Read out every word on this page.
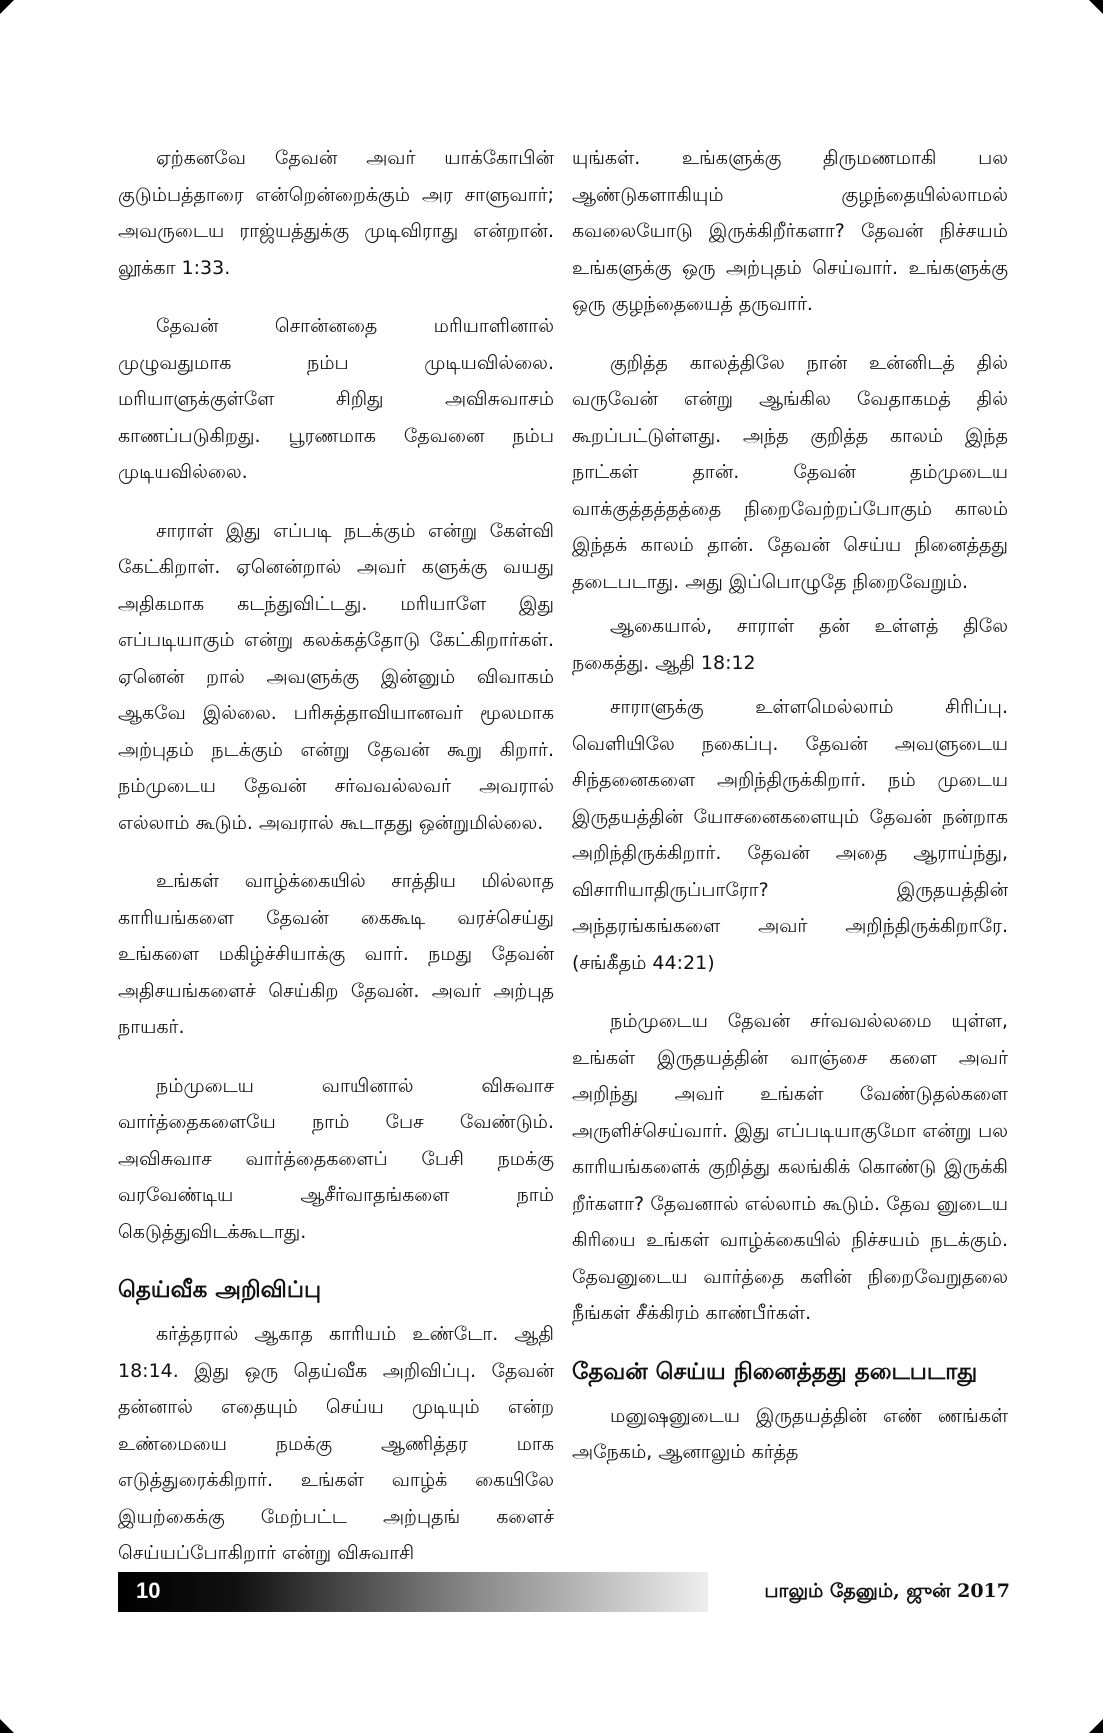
ஏற்கனவே தேவன் அவர் யாக்கோபின் குடும்பத்தாரை என்றென்றைக்கும் அர சாளுவார்; அவருடைய ராஜ்யத்துக்கு முடிவிராது என்றான். லூக்கா 1:33.

தேவன் சொன்னதை மரியாளினால் முழுவதுமாக நம்ப முடியவில்லை. மரியாளுக்குள்ளே சிறிது அவிசுவாசம் காணப்படுகிறது. பூரணமாக தேவனை நம்ப முடியவில்லை.

சாராள் இது எப்படி நடக்கும் என்று கேள்வி கேட்கிறாள். ஏனென்றால் அவர் களுக்கு வயது அதிகமாக கடந்துவிட்டது. மரியாளே இது எப்படியாகும் என்று கலக்கத்தோடு கேட்கிறார்கள். ஏனென் றால் அவளுக்கு இன்னும் விவாகம் ஆகவே இல்லை. பரிசுத்தாவியானவர் மூலமாக அற்புதம் நடக்கும் என்று தேவன் கூறு கிறார். நம்முடைய தேவன் சர்வவல்லவர் அவரால் எல்லாம் கூடும். அவரால் கூடாதது ஒன்றுமில்லை.

உங்கள் வாழ்க்கையில் சாத்திய மில்லாத காரியங்களை தேவன் கைகூடி வரச்செய்து உங்களை மகிழ்ச்சியாக்கு வார். நமது தேவன் அதிசயங்களைச் செய்கிற தேவன். அவர் அற்புத நாயகர்.

நம்முடைய வாயினால் விசுவாச வார்த்தைகளையே நாம் பேச வேண்டும். அவிசுவாச வார்த்தைகளைப் பேசி நமக்கு வரவேண்டிய ஆசீர்வாதங்களை நாம் கெடுத்துவிடக்கூடாது.

தெய்வீக அறிவிப்பு

கர்த்தரால் ஆகாத காரியம் உண்டோ. ஆதி 18:14. இது ஒரு தெய்வீக அறிவிப்பு. தேவன் தன்னால் எதையும் செய்ய முடியும் என்ற உண்மையை நமக்கு ஆணித்தர மாக எடுத்துரைக்கிறார். உங்கள் வாழ்க் கையிலே இயற்கைக்கு மேற்பட்ட அற்புதங் களைச் செய்யப்போகிறார் என்று விசுவாசி

யுங்கள். உங்களுக்கு திருமணமாகி பல ஆண்டுகளாகியும் குழந்தையில்லாமல் கவலையோடு இருக்கிறீர்களா? தேவன் நிச்சயம் உங்களுக்கு ஒரு அற்புதம் செய்வார். உங்களுக்கு ஒரு குழந்தையைத் தருவார்.

குறித்த காலத்திலே நான் உன்னிடத் தில் வருவேன் என்று ஆங்கில வேதாகமத் தில் கூறப்பட்டுள்ளது. அந்த குறித்த காலம் இந்த நாட்கள் தான். தேவன் தம்முடைய வாக்குத்தத்தத்தை நிறைவேற்றப்போகும் காலம் இந்தக் காலம் தான். தேவன் செய்ய நினைத்தது தடைபடாது. அது இப்பொழுதே நிறைவேறும்.

ஆகையால், சாராள் தன் உள்ளத் திலே நகைத்து. ஆதி 18:12

சாராளுக்கு உள்ளமெல்லாம் சிரிப்பு. வெளியிலே நகைப்பு. தேவன் அவளுடைய சிந்தனைகளை அறிந்திருக்கிறார். நம் முடைய இருதயத்தின் யோசனைகளையும் தேவன் நன்றாக அறிந்திருக்கிறார். தேவன் அதை ஆராய்ந்து, விசாரியாதிருப்பாரோ? இருதயத்தின் அந்தரங்கங்களை அவர் அறிந்திருக்கிறாரே. (சங்கீதம் 44:21)

நம்முடைய தேவன் சர்வவல்லமை யுள்ள, உங்கள் இருதயத்தின் வாஞ்சை களை அவர் அறிந்து அவர் உங்கள் வேண்டுதல்களை அருளிச்செய்வார். இது எப்படியாகுமோ என்று பல காரியங்களைக் குறித்து கலங்கிக் கொண்டு இருக்கி றீர்களா? தேவனால் எல்லாம் கூடும். தேவ னுடைய கிரியை உங்கள் வாழ்க்கையில் நிச்சயம் நடக்கும். தேவனுடைய வார்த்தை களின் நிறைவேறுதலை நீங்கள் சீக்கிரம் காண்பீர்கள்.

தேவன் செய்ய நினைத்தது தடைபடாது

மனுஷனுடைய இருதயத்தின் எண் ணங்கள் அநேகம், ஆனாலும் கர்த்த

10	பாலும் தேனும், ஜுன் 2017
